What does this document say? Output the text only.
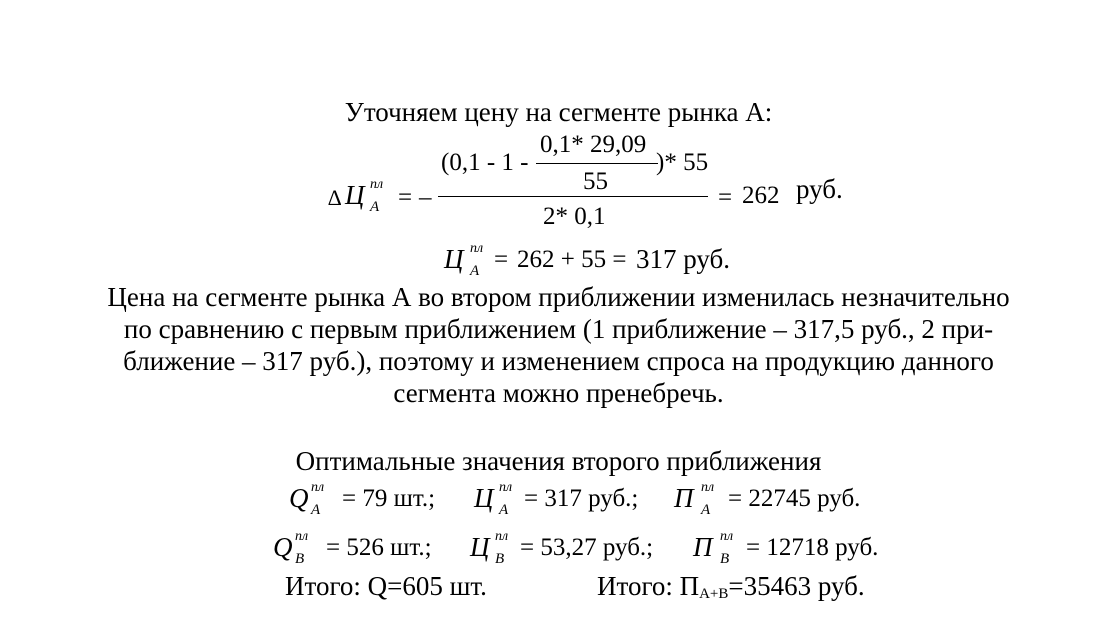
Уточняем цену на сегменте рынка А:
∆ Ц пл
A = –
(0,1 - 1 -
0,1* 29,09
55
)* 55
2* 0,1
= 262 руб.
Ц пл
A = 262 + 55 = 317 руб.
Цена на сегменте рынка А во втором приближении изменилась незначительно
по сравнению с первым приближением (1 приближение – 317,5 руб., 2 при-
ближение – 317 руб.), поэтому и изменением спроса на продукцию данного
сегмента можно пренебречь.
Оптимальные значения второго приближения
Q пл
A = 79 шт.; Ц пл
A = 317 руб.; П пл
A = 22745 руб.
Q пл
B = 526 шт.; Ц пл
B = 53,27 руб.; П пл
B = 12718 руб.
Итого: Q=605 шт.	Итого: ПА+В=35463 руб.
